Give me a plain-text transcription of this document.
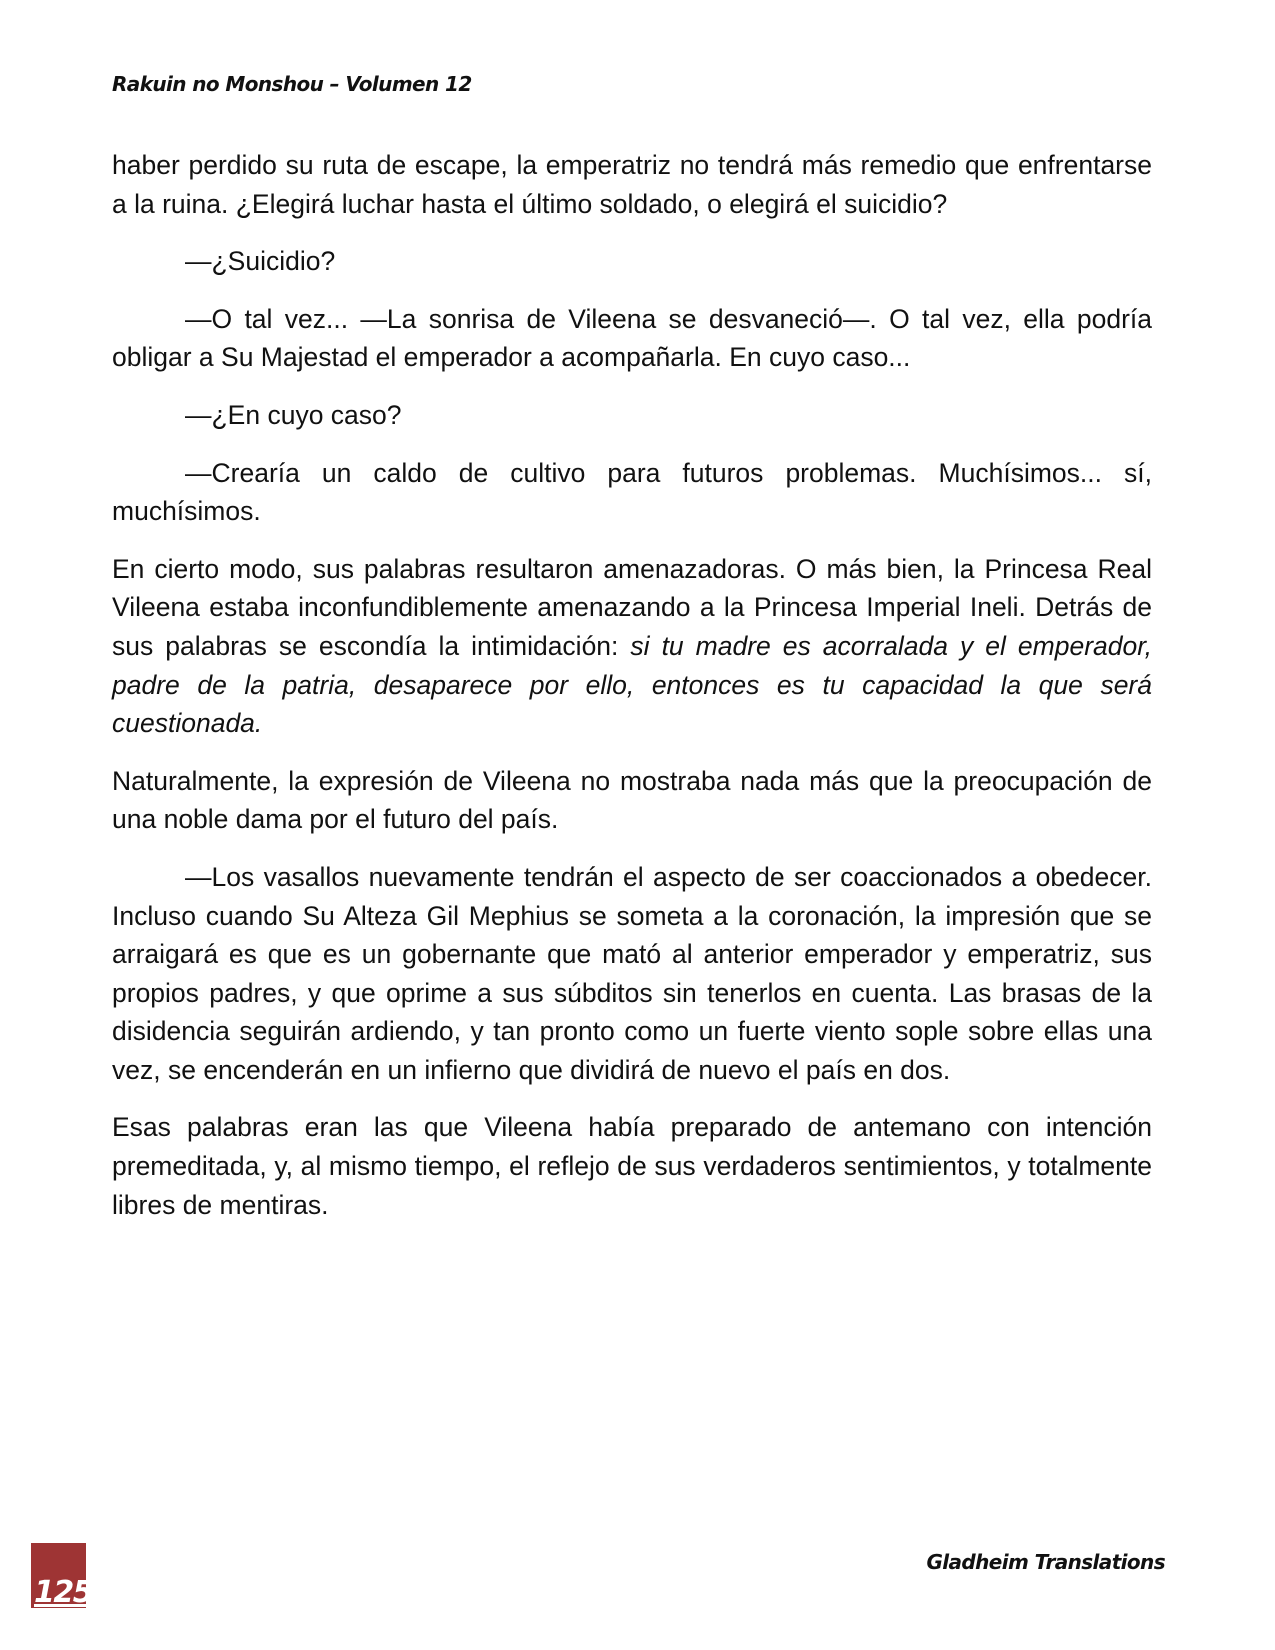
Rakuin no Monshou – Volumen 12

haber perdido su ruta de escape, la emperatriz no tendrá más remedio que enfrentarse a la ruina. ¿Elegirá luchar hasta el último soldado, o elegirá el suicidio?

—¿Suicidio?

—O tal vez... —La sonrisa de Vileena se desvaneció—. O tal vez, ella podría obligar a Su Majestad el emperador a acompañarla. En cuyo caso...

—¿En cuyo caso?

—Crearía un caldo de cultivo para futuros problemas. Muchísimos... sí, muchísimos.

En cierto modo, sus palabras resultaron amenazadoras. O más bien, la Princesa Real Vileena estaba inconfundiblemente amenazando a la Princesa Imperial Ineli. Detrás de sus palabras se escondía la intimidación: si tu madre es acorralada y el emperador, padre de la patria, desaparece por ello, entonces es tu capacidad la que será cuestionada.

Naturalmente, la expresión de Vileena no mostraba nada más que la preocupación de una noble dama por el futuro del país.

—Los vasallos nuevamente tendrán el aspecto de ser coaccionados a obedecer. Incluso cuando Su Alteza Gil Mephius se someta a la coronación, la impresión que se arraigará es que es un gobernante que mató al anterior emperador y emperatriz, sus propios padres, y que oprime a sus súbditos sin tenerlos en cuenta. Las brasas de la disidencia seguirán ardiendo, y tan pronto como un fuerte viento sople sobre ellas una vez, se encenderán en un infierno que dividirá de nuevo el país en dos.

Esas palabras eran las que Vileena había preparado de antemano con intención premeditada, y, al mismo tiempo, el reflejo de sus verdaderos sentimientos, y totalmente libres de mentiras.

125
Gladheim Translations
